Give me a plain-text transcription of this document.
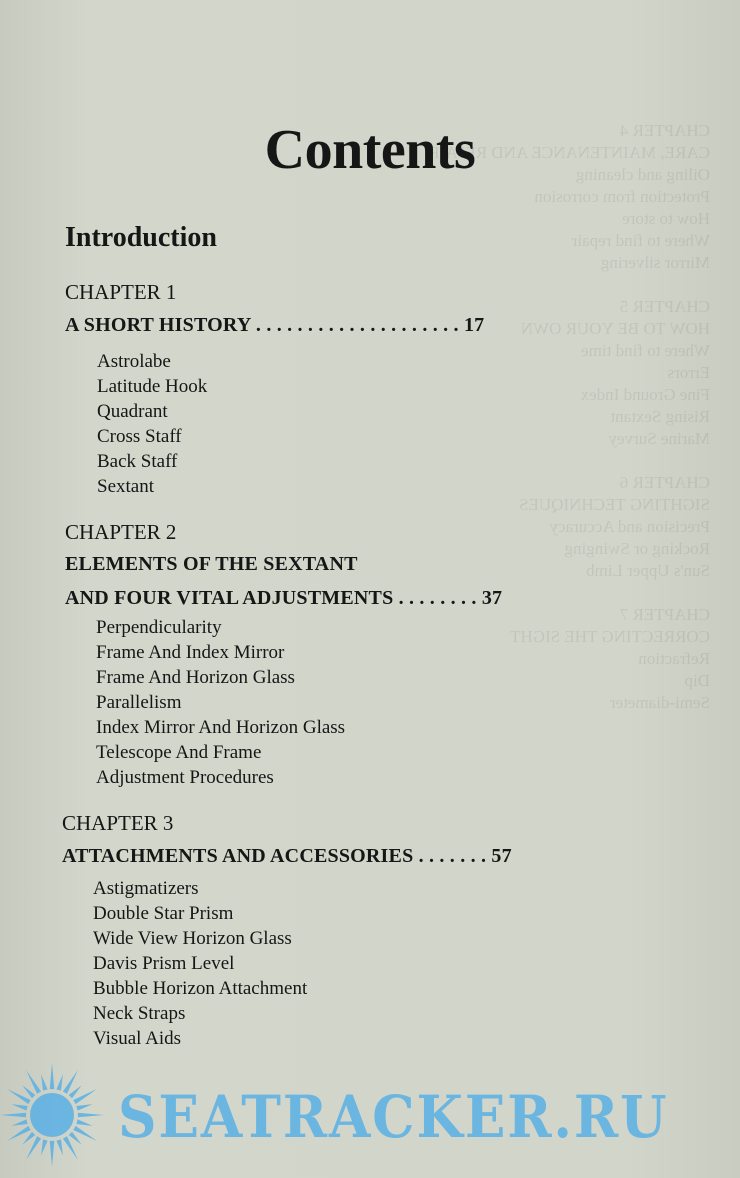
Contents
Introduction
CHAPTER 1
A SHORT HISTORY . . . . . . . . . . . . . . . . . . . . 17
Astrolabe
Latitude Hook
Quadrant
Cross Staff
Back Staff
Sextant
CHAPTER 2
ELEMENTS OF THE SEXTANT
AND FOUR VITAL ADJUSTMENTS . . . . . . . . 37
Perpendicularity
Frame And Index Mirror
Frame And Horizon Glass
Parallelism
Index Mirror And Horizon Glass
Telescope And Frame
Adjustment Procedures
CHAPTER 3
ATTACHMENTS AND ACCESSORIES . . . . . . . 57
Astigmatizers
Double Star Prism
Wide View Horizon Glass
Davis Prism Level
Bubble Horizon Attachment
Neck Straps
Visual Aids
SEATRACKER.RU
